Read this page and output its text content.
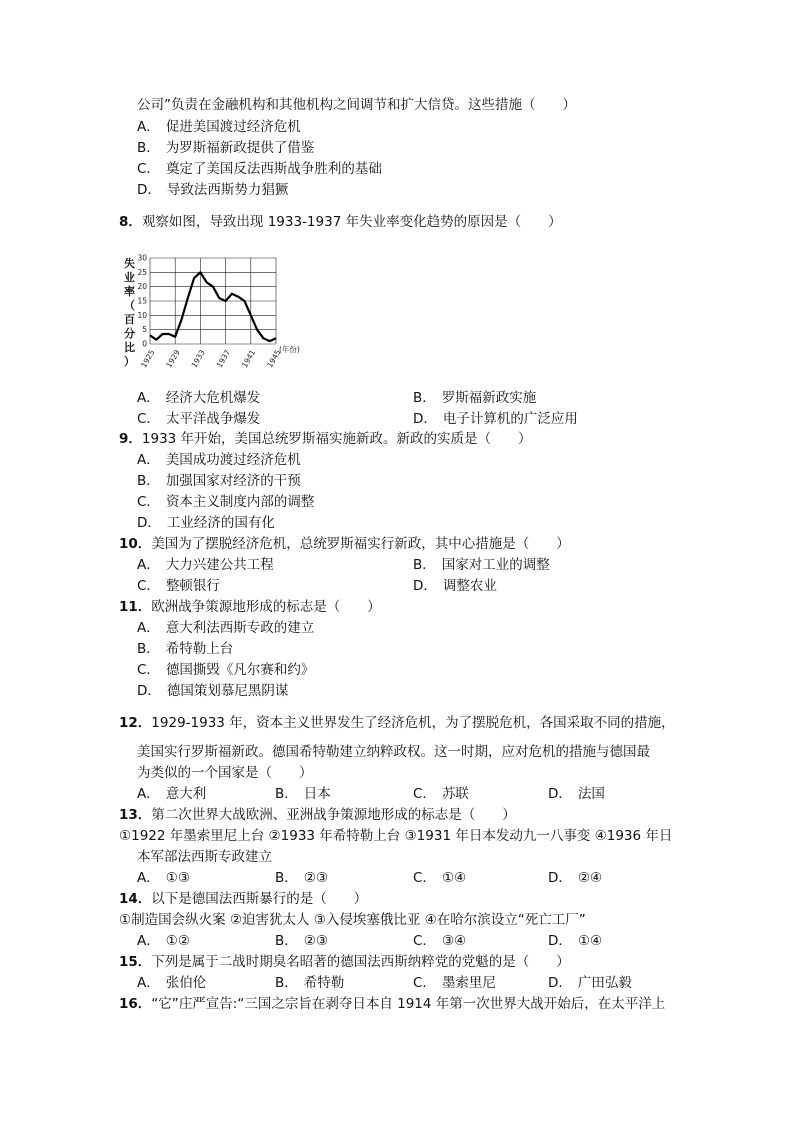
公司”负责在金融机构和其他机构之间调节和扩大信贷。这些措施（　　）
A． 促进美国渡过经济危机
B． 为罗斯福新政提供了借鉴
C． 奠定了美国反法西斯战争胜利的基础
D． 导致法西斯势力猖獗
8．观察如图，导致出现 1933-1937 年失业率变化趋势的原因是（　　）
0
5
10
15
20
25
30
1925 1929 1933 1937 1941 1945
失
业
率
（
百
分
比
）
(年份)
A． 经济大危机爆发	B． 罗斯福新政实施
C． 太平洋战争爆发	D． 电子计算机的广泛应用
9．1933 年开始，美国总统罗斯福实施新政。新政的实质是（　　）
A． 美国成功渡过经济危机
B． 加强国家对经济的干预
C． 资本主义制度内部的调整
D． 工业经济的国有化
10．美国为了摆脱经济危机，总统罗斯福实行新政，其中心措施是（　　）
A． 大力兴建公共工程	B． 国家对工业的调整
C． 整顿银行	D． 调整农业
11．欧洲战争策源地形成的标志是（　　）
A． 意大利法西斯专政的建立
B． 希特勒上台
C． 德国撕毁《凡尔赛和约》
D． 德国策划慕尼黑阴谋
12．1929-1933 年，资本主义世界发生了经济危机，为了摆脱危机，各国采取不同的措施，
美国实行罗斯福新政。德国希特勒建立纳粹政权。这一时期，应对危机的措施与德国最
为类似的一个国家是（　　）
A． 意大利	B． 日本	C． 苏联	D． 法国
13．第二次世界大战欧洲、亚洲战争策源地形成的标志是（　　）
①1922 年墨索里尼上台 ②1933 年希特勒上台 ③1931 年日本发动九一八事变 ④1936 年日
本军部法西斯专政建立
A． ①③	B． ②③	C． ①④	D． ②④
14．以下是德国法西斯暴行的是（　　）
①制造国会纵火案 ②迫害犹太人 ③入侵埃塞俄比亚 ④在哈尔滨设立“死亡工厂”
A． ①②	B． ②③	C． ③④	D． ①④
15．下列是属于二战时期臭名昭著的德国法西斯纳粹党的党魁的是（　　）
A． 张伯伦	B． 希特勒	C． 墨索里尼	D． 广田弘毅
16．“它”庄严宣告:“三国之宗旨在剥夺日本自 1914 年第一次世界大战开始后，在太平洋上
